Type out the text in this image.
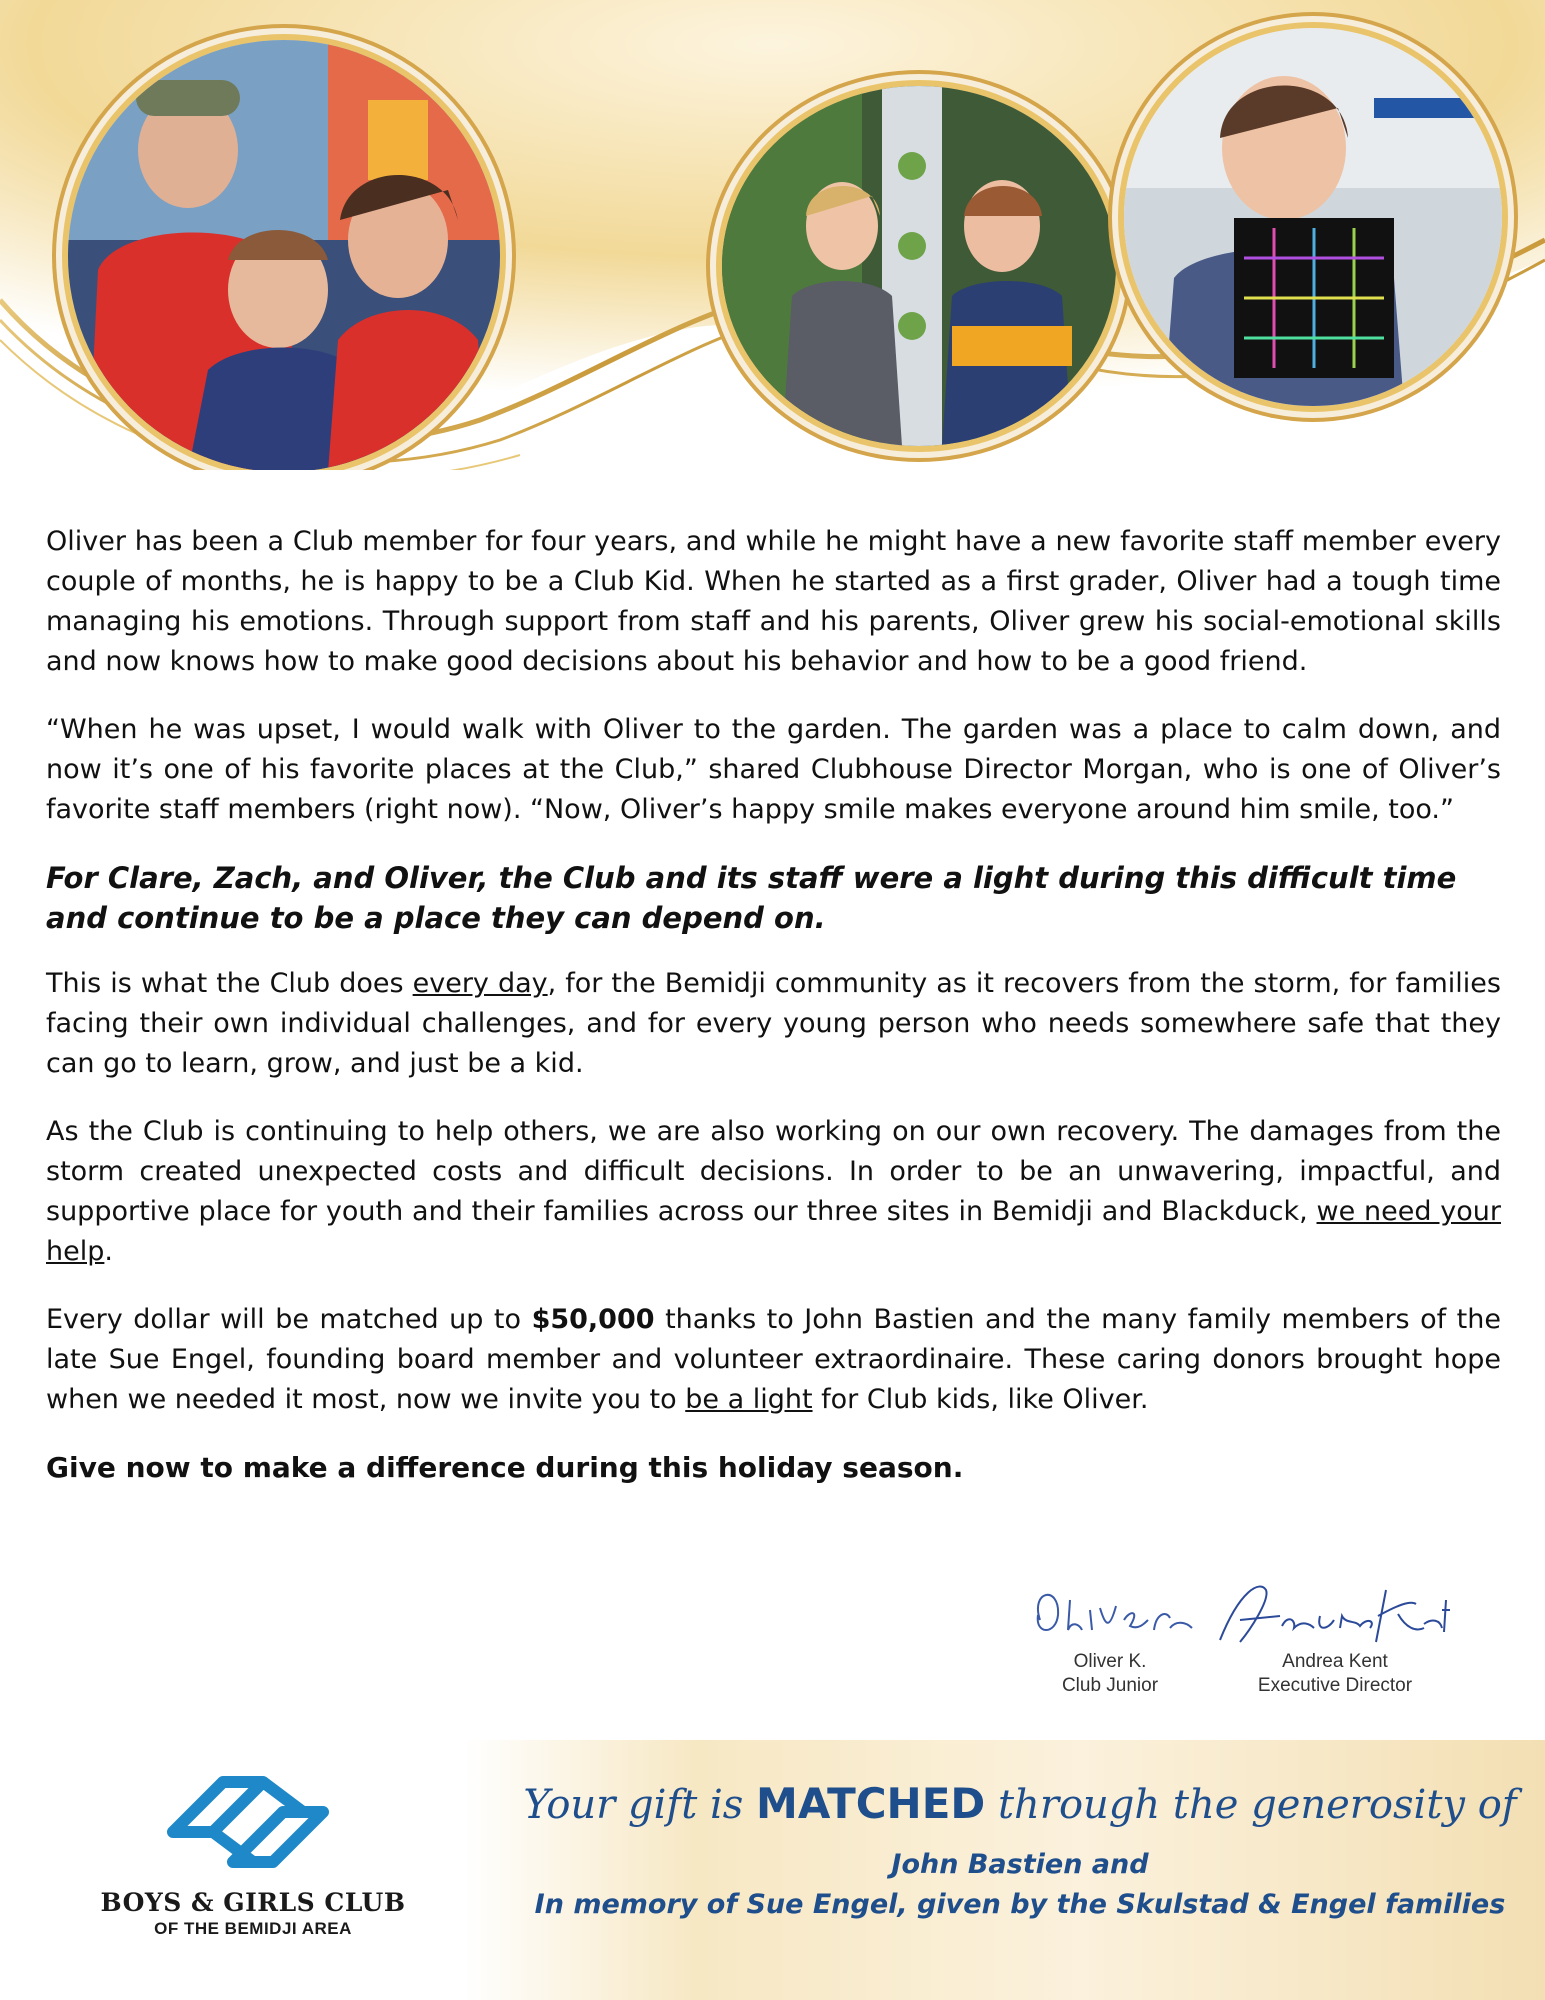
Oliver has been a Club member for four years, and while he might have a new favorite staff member every couple of months, he is happy to be a Club Kid. When he started as a first grader, Oliver had a tough time managing his emotions. Through support from staff and his parents, Oliver grew his social-emotional skills and now knows how to make good decisions about his behavior and how to be a good friend.

“When he was upset, I would walk with Oliver to the garden. The garden was a place to calm down, and now it’s one of his favorite places at the Club,” shared Clubhouse Director Morgan, who is one of Oliver’s favorite staff members (right now). “Now, Oliver’s happy smile makes everyone around him smile, too.”

For Clare, Zach, and Oliver, the Club and its staff were a light during this difficult time and continue to be a place they can depend on.

This is what the Club does every day, for the Bemidji community as it recovers from the storm, for families facing their own individual challenges, and for every young person who needs somewhere safe that they can go to learn, grow, and just be a kid.

As the Club is continuing to help others, we are also working on our own recovery. The damages from the storm created unexpected costs and difficult decisions. In order to be an unwavering, impactful, and supportive place for youth and their families across our three sites in Bemidji and Blackduck, we need your help.

Every dollar will be matched up to $50,000 thanks to John Bastien and the many family members of the late Sue Engel, founding board member and volunteer extraordinaire. These caring donors brought hope when we needed it most, now we invite you to be a light for Club kids, like Oliver.

Give now to make a difference during this holiday season.

Oliver K.
Club Junior
Andrea Kent
Executive Director
BOYS & GIRLS CLUB
OF THE BEMIDJI AREA
Your gift is MATCHED through the generosity of
John Bastien and
In memory of Sue Engel, given by the Skulstad & Engel families
